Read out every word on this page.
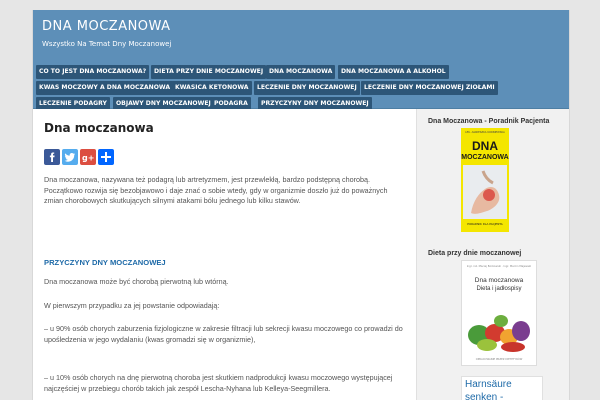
DNA MOCZANOWA
Wszystko Na Temat Dny Moczanowej
CO TO JEST DNA MOCZANOWA?	DIETA PRZY DNIE MOCZANOWEJ DNA MOCZANOWA	DNA MOCZANOWA A ALKOHOL
KWAS MOCZOWY A DNA MOCZANOWA KWASICA KETONOWA	LECZENIE DNY MOCZANOWEJ	LECZENIE DNY MOCZANOWEJ ZIOŁAMI
LECZENIE PODAGRY	OBJAWY DNY MOCZANOWEJ PODAGRA	PRZYCZYNY DNY MOCZANOWEJ
Dna moczanowa
g+

Dna moczanowa, nazywana też podagrą lub artretyzmem, jest przewlekłą, bardzo podstępną chorobą. Początkowo rozwija się bezobjawowo i daje znać o sobie wtedy, gdy w organizmie doszło już do poważnych zmian chorobowych skutkujących silnymi atakami bólu jednego lub kilku stawów.

PRZYCZYNY DNY MOCZANOWEJ

Dna moczanowa może być chorobą pierwotną lub wtórną.

W pierwszym przypadku za jej powstanie odpowiadają:

– u 90% osób chorych zaburzenia fizjologiczne w zakresie filtracji lub sekrecji kwasu moczowego co prowadzi do upośledzenia w jego wydalaniu (kwas gromadzi się w organizmie),

– u 10% osób chorych na dnę pierwotną choroba jest skutkiem nadprodukcji kwasu moczowego występującej najczęściej w przebiegu chorób takich jak zespół Lescha-Nyhana lub Kelleya-Seegmillera.

Dna Moczanowa - Poradnik Pacjenta
LEK. AGNIESZKA KORNIEWSKA
DNA
MOCZANOWA
PORADNIK DLA PACJENTA
Dieta przy dnie moczanowej
lngr. inż. Maciej Borkowski · lngr. Marcin Majewski
Dna moczanowa
Dieta i jadłospisy
OPRACOWANIE PRZEZ DIETETYKÓW
Harnsäure
senken -
